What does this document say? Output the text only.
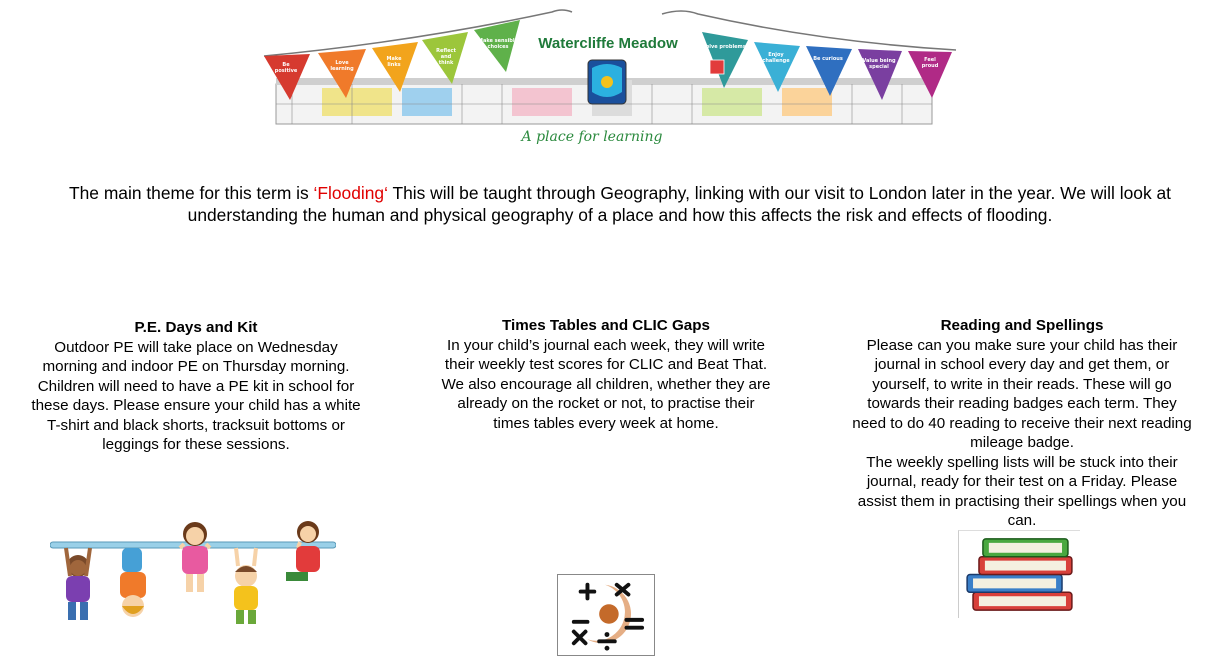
Be
positive
Love
learning
Make
links
Reflect
and
think
Make sensible
choices	Solve problems
Enjoy
challenge	Be curious	Value being
special
Feel
proud
Watercliffe Meadow
A place for learning
The main theme for this term is ‘Flooding‘ This will be taught through Geography, linking with our visit to London later in the year. We will look at understanding the human and physical geography of a place and how this affects the risk and effects of flooding.
P.E. Days and Kit

Outdoor PE will take place on Wednesday morning and indoor PE on Thursday morning. Children will need to have a PE kit in school for these days. Please ensure your child has a white T-shirt and black shorts, tracksuit bottoms or leggings for these sessions.

Times Tables and CLIC Gaps

In your child’s journal each week, they will write their weekly test scores for CLIC and Beat That. We also encourage all children, whether they are already on the rocket or not, to practise their times tables every week at home.

Reading and Spellings

Please can you make sure your child has their journal in school every day and get them, or yourself, to write in their reads. These will go towards their reading badges each term. They need to do 40 reading to receive their next reading mileage badge.

The weekly spelling lists will be stuck into their journal, ready for their test on a Friday. Please assist them in practising their spellings when you can.
